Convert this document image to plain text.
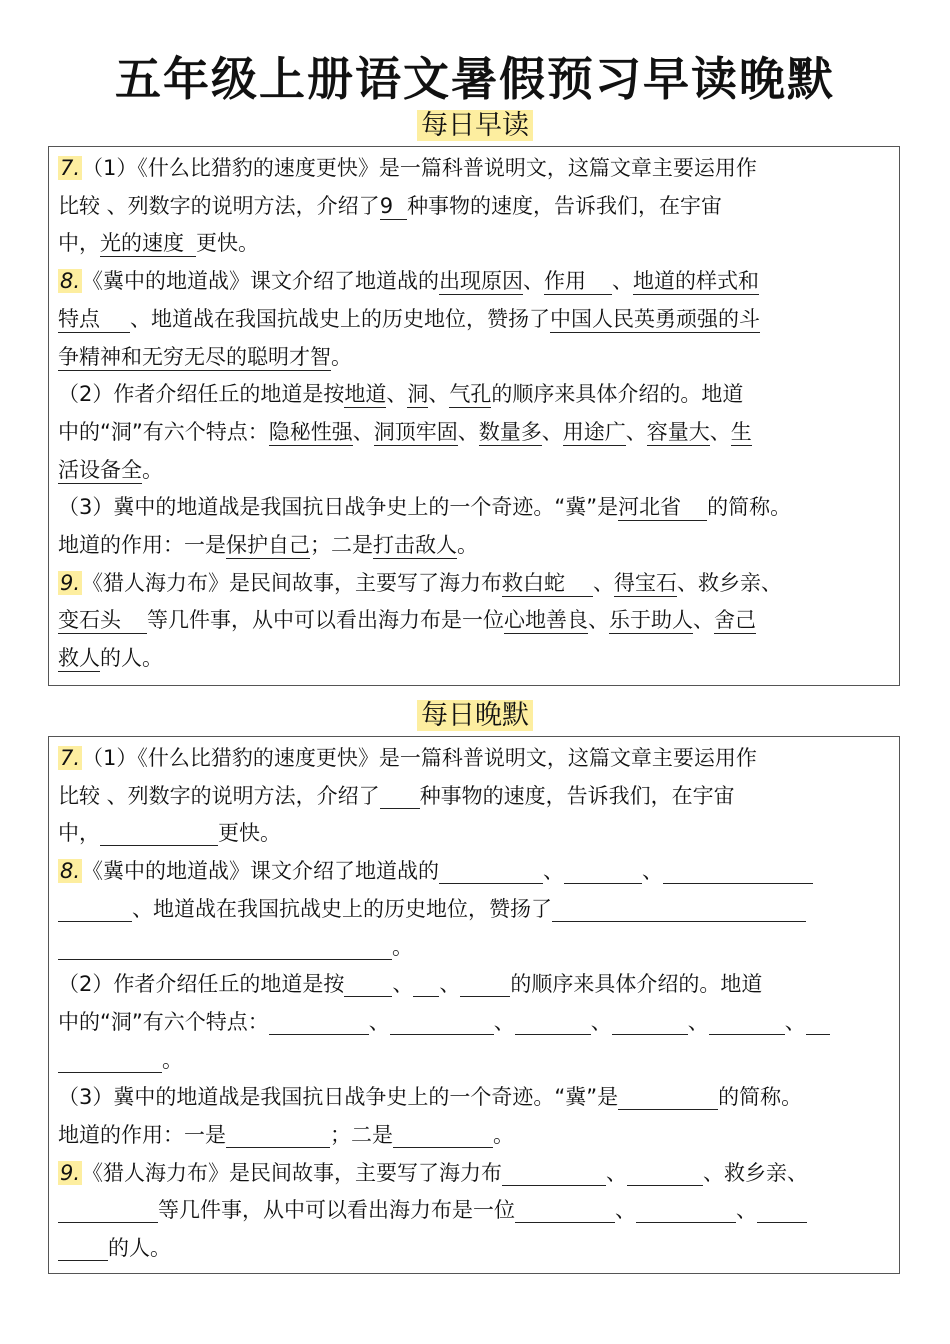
五年级上册语文暑假预习早读晚默
每日早读

7.（1）《什么比猎豹的速度更快》是一篇科普说明文，这篇文章主要运用作

比较 、列数字的说明方法，介绍了9 种事物的速度，告诉我们，在宇宙

中，光的速度 更快。

8.《冀中的地道战》课文介绍了地道战的出现原因、作用 、地道的样式和

特点 、地道战在我国抗战史上的历史地位，赞扬了中国人民英勇顽强的斗

争精神和无穷无尽的聪明才智。

（2）作者介绍任丘的地道是按地道、洞、气孔的顺序来具体介绍的。地道

中的“洞”有六个特点：隐秘性强、洞顶牢固、数量多、用途广、容量大、生

活设备全。

（3）冀中的地道战是我国抗日战争史上的一个奇迹。“冀”是河北省 的简称。

地道的作用：一是保护自己；二是打击敌人。

9.《猎人海力布》是民间故事，主要写了海力布救白蛇 、得宝石、救乡亲、

变石头 等几件事，从中可以看出海力布是一位心地善良、乐于助人、舍己

救人的人。

每日晚默

7.（1）《什么比猎豹的速度更快》是一篇科普说明文，这篇文章主要运用作

比较 、列数字的说明方法，介绍了 种事物的速度，告诉我们，在宇宙

中，	更快。

8.《冀中的地道战》课文介绍了地道战的	、	、

、地道战在我国抗战史上的历史地位，赞扬了

。

（2）作者介绍任丘的地道是按 、 、 的顺序来具体介绍的。地道

中的“洞”有六个特点：	、	、	、	、	、

。

（3）冀中的地道战是我国抗日战争史上的一个奇迹。“冀”是	的简称。

地道的作用：一是	；二是	。

9.《猎人海力布》是民间故事，主要写了海力布	、	、救乡亲、

等几件事，从中可以看出海力布是一位	、	、

的人。
